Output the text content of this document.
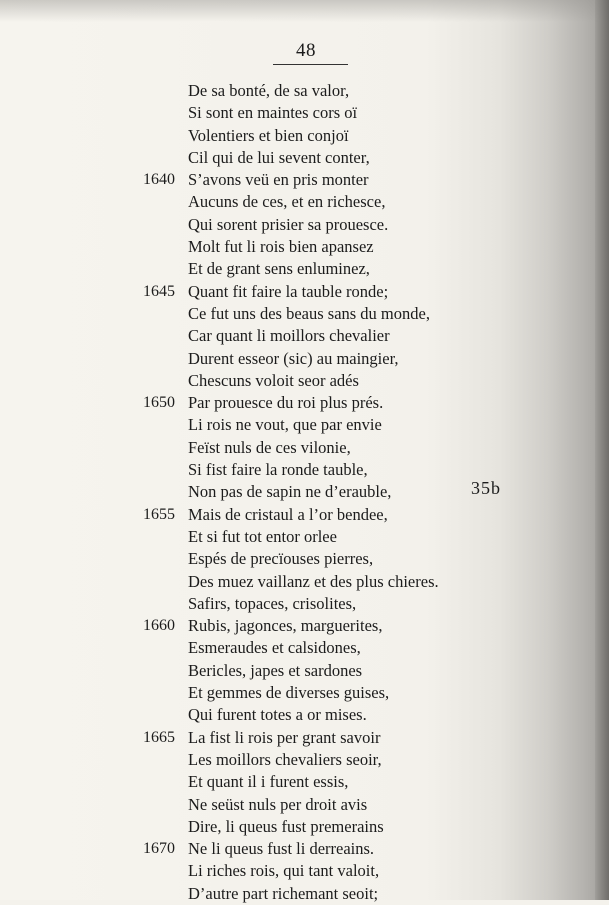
48
De sa bonté, de sa valor,
Si sont en maintes cors oï
Volentiers et bien conjoï
Cil qui de lui sevent conter,
1640 S’avons veü en pris monter
Aucuns de ces, et en richesce,
Qui sorent prisier sa prouesce.
Molt fut li rois bien apansez
Et de grant sens enluminez,
1645 Quant fit faire la tauble ronde;
Ce fut uns des beaus sans du monde,
Car quant li moillors chevalier
Durent esseor (sic) au maingier,
Chescuns voloit seor adés
1650 Par prouesce du roi plus prés.
Li rois ne vout, que par envie
Feïst nuls de ces vilonie,
Si fist faire la ronde tauble,
Non pas de sapin ne d’erauble,
1655 Mais de cristaul a l’or bendee,
Et si fut tot entor orlee
Espés de precïouses pierres,
Des muez vaillanz et des plus chieres.
Safirs, topaces, crisolites,
1660 Rubis, jagonces, marguerites,
Esmeraudes et calsidones,
Bericles, japes et sardones
Et gemmes de diverses guises,
Qui furent totes a or mises.
1665 La fist li rois per grant savoir
Les moillors chevaliers seoir,
Et quant il i furent essis,
Ne seüst nuls per droit avis
Dire, li queus fust premerains
1670 Ne li queus fust li derreains.
Li riches rois, qui tant valoit,
D’autre part richemant seoit;
35b
